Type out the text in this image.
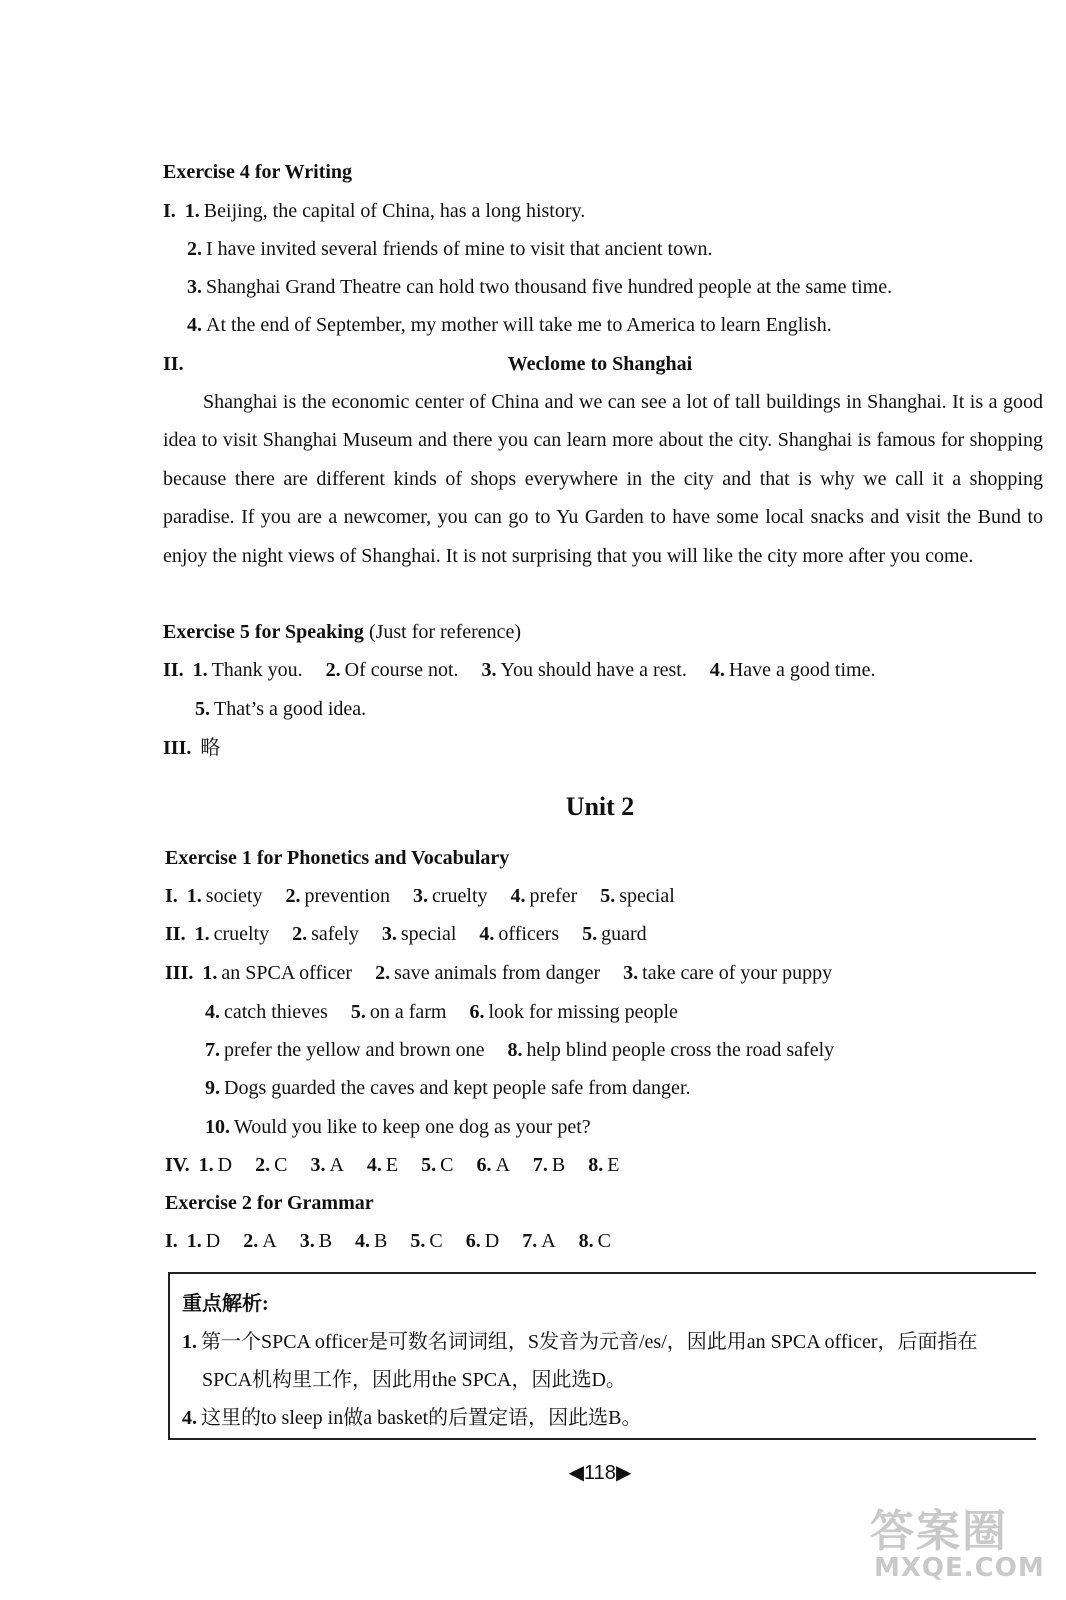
Exercise 4 for Writing
I. 1. Beijing, the capital of China, has a long history.
2. I have invited several friends of mine to visit that ancient town.
3. Shanghai Grand Theatre can hold two thousand five hundred people at the same time.
4. At the end of September, my mother will take me to America to learn English.
II.	Weclome to Shanghai
Shanghai is the economic center of China and we can see a lot of tall buildings in Shanghai. It is a good idea to visit Shanghai Museum and there you can learn more about the city. Shanghai is famous for shopping because there are different kinds of shops everywhere in the city and that is why we call it a shopping paradise. If you are a newcomer, you can go to Yu Garden to have some local snacks and visit the Bund to enjoy the night views of Shanghai. It is not surprising that you will like the city more after you come.
Exercise 5 for Speaking (Just for reference)
II. 1. Thank you. 2. Of course not. 3. You should have a rest. 4. Have a good time.
5. That’s a good idea.
III. 略
Unit 2
Exercise 1 for Phonetics and Vocabulary
I. 1. society 2. prevention 3. cruelty 4. prefer 5. special
II. 1. cruelty 2. safely 3. special 4. officers 5. guard
III. 1. an SPCA officer 2. save animals from danger 3. take care of your puppy
4. catch thieves 5. on a farm 6. look for missing people
7. prefer the yellow and brown one 8. help blind people cross the road safely
9. Dogs guarded the caves and kept people safe from danger.
10. Would you like to keep one dog as your pet?
IV. 1. D 2. C 3. A 4. E 5. C 6. A 7. B 8. E
Exercise 2 for Grammar
I. 1. D 2. A 3. B 4. B 5. C 6. D 7. A 8. C
重点解析:
1. 第一个SPCA officer是可数名词词组，S发音为元音/es/，因此用an SPCA officer，后面指在
SPCA机构里工作，因此用the SPCA，因此选D。
4. 这里的to sleep in做a basket的后置定语，因此选B。
◀118▶
答案圈
MXQE.COM
